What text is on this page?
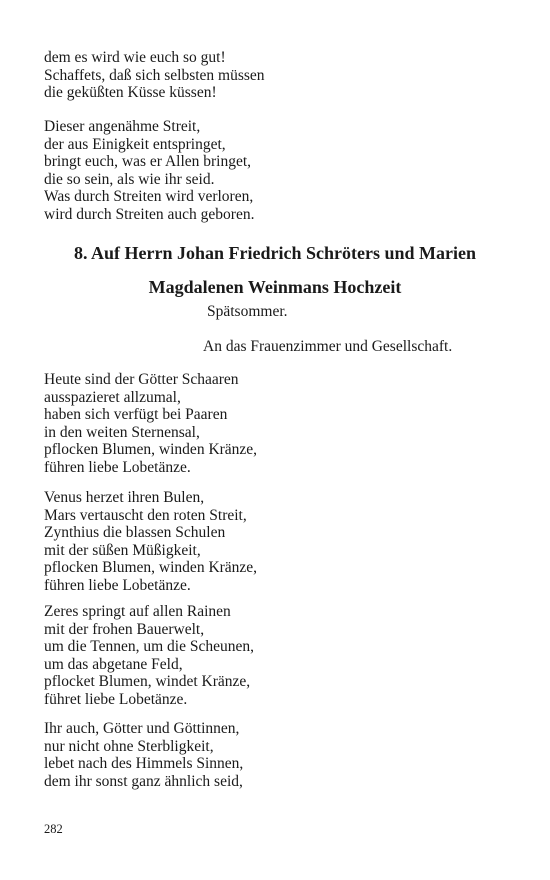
dem es wird wie euch so gut!
Schaffets, daß sich selbsten müssen
die geküßten Küsse küssen!
Dieser angenähme Streit,
der aus Einigkeit entspringet,
bringt euch, was er Allen bringet,
die so sein, als wie ihr seid.
Was durch Streiten wird verloren,
wird durch Streiten auch geboren.
8. Auf Herrn Johan Friedrich Schröters und Marien
Magdalenen Weinmans Hochzeit
Spätsommer.
An das Frauenzimmer und Gesellschaft.
Heute sind der Götter Schaaren
ausspazieret allzumal,
haben sich verfügt bei Paaren
in den weiten Sternensal,
pflocken Blumen, winden Kränze,
führen liebe Lobetänze.
Venus herzet ihren Bulen,
Mars vertauscht den roten Streit,
Zynthius die blassen Schulen
mit der süßen Müßigkeit,
pflocken Blumen, winden Kränze,
führen liebe Lobetänze.
Zeres springt auf allen Rainen
mit der frohen Bauerwelt,
um die Tennen, um die Scheunen,
um das abgetane Feld,
pflocket Blumen, windet Kränze,
führet liebe Lobetänze.
Ihr auch, Götter und Göttinnen,
nur nicht ohne Sterbligkeit,
lebet nach des Himmels Sinnen,
dem ihr sonst ganz ähnlich seid,
282
